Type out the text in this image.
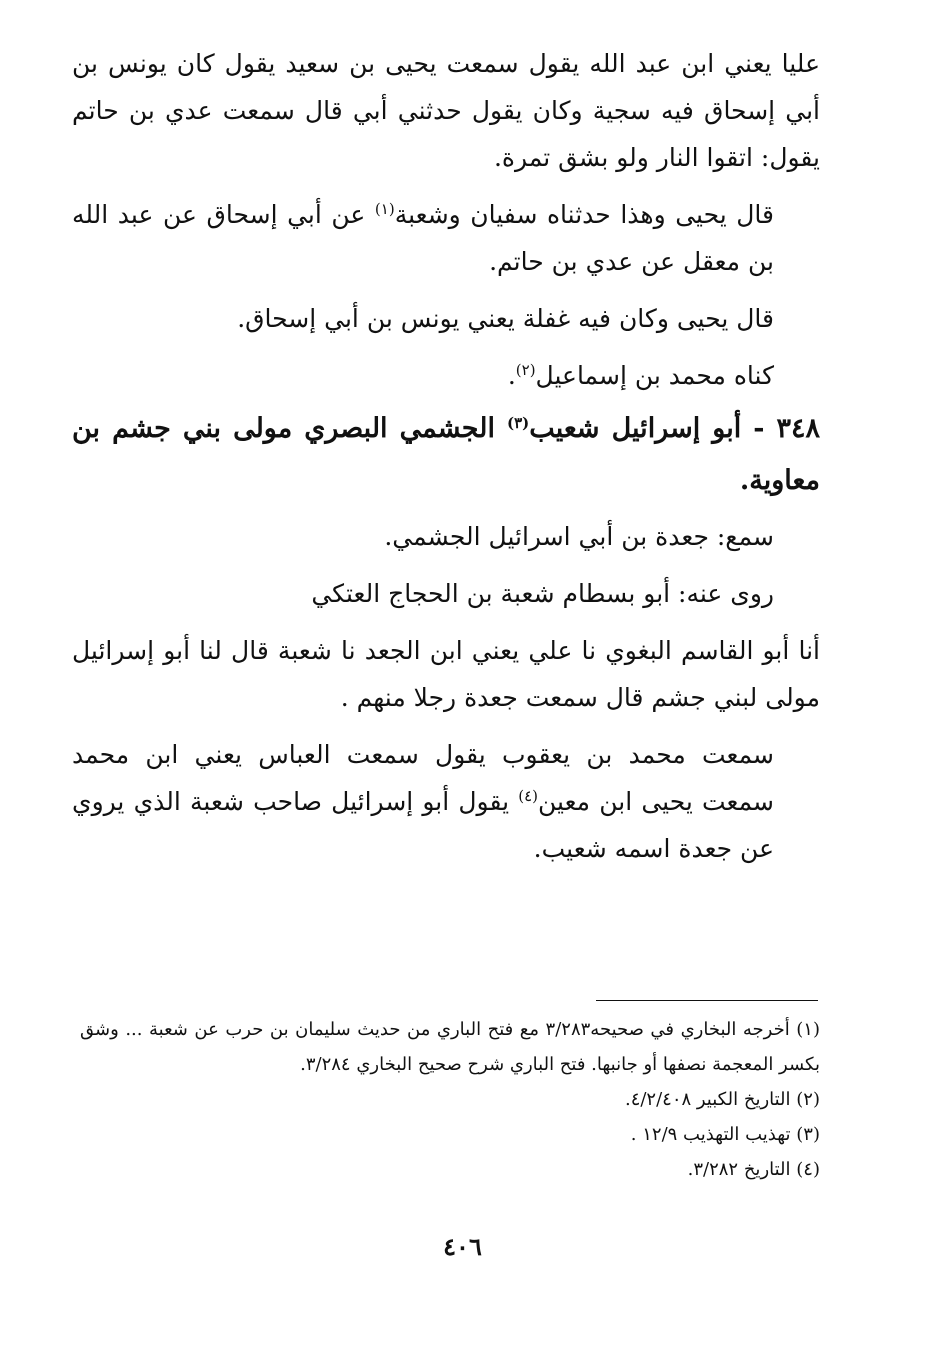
عليا يعني ابن عبد الله يقول سمعت يحيى بن سعيد يقول كان يونس بن أبي إسحاق فيه سجية وكان يقول حدثني أبي قال سمعت عدي بن حاتم يقول: اتقوا النار ولو بشق تمرة.

قال يحيى وهذا حدثناه سفيان وشعبة$^{(١)}$ عن أبي إسحاق عن عبد الله بن معقل عن عدي بن حاتم.

قال يحيى وكان فيه غفلة يعني يونس بن أبي إسحاق.

كناه محمد بن إسماعيل$^{(٢)}$.

٣٤٨ - أبو إسرائيل شعيب$^{(٣)}$ الجشمي البصري مولى بني جشم بن معاوية.

سمع: جعدة بن أبي اسرائيل الجشمي.

روى عنه: أبو بسطام شعبة بن الحجاج العتكي

أنا أبو القاسم البغوي نا علي يعني ابن الجعد نا شعبة قال لنا أبو إسرائيل مولى لبني جشم قال سمعت جعدة رجلا منهم .

سمعت محمد بن يعقوب يقول سمعت العباس يعني ابن محمد سمعت يحيى ابن معين$^{(٤)}$ يقول أبو إسرائيل صاحب شعبة الذي يروي عن جعدة اسمه شعيب.

(١) أخرجه البخاري في صحيحه٣/٢٨٣ مع فتح الباري من حديث سليمان بن حرب عن شعبة ... وشق بكسر المعجمة نصفها أو جانبها. فتح الباري شرح صحيح البخاري ٣/٢٨٤.

(٢) التاريخ الكبير ٤/٢/٤٠٨.

(٣) تهذيب التهذيب ١٢/٩ .

(٤) التاريخ ٣/٢٨٢.

٤٠٦
